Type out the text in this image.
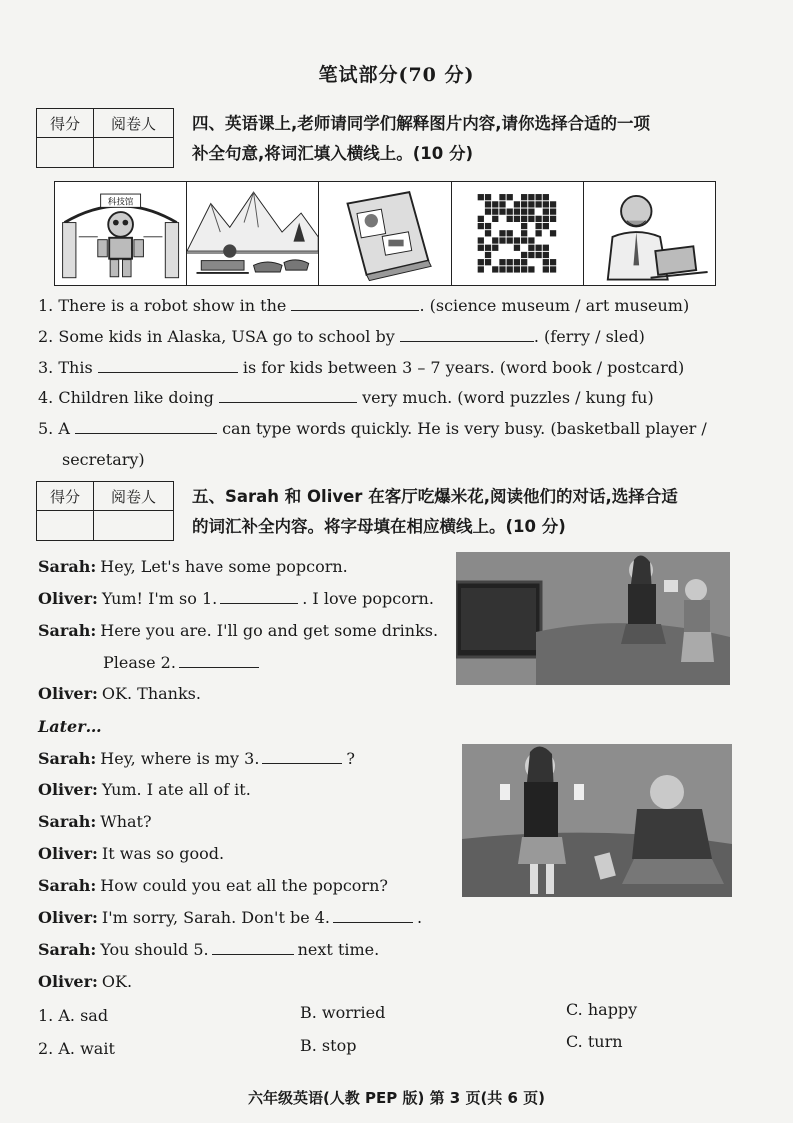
笔试部分(70 分)
得分	阅卷人
	四、英语课上,老师请同学们解释图片内容,请你选择合适的一项
补全句意,将词汇填入横线上。(10 分)
科技馆
1. There is a robot show in the	. (science museum / art museum)
2. Some kids in Alaska, USA go to school by	. (ferry / sled)
3. This	is for kids between 3 – 7 years. (word book / postcard)
4. Children like doing	very much. (word puzzles / kung fu)
5. A	can type words quickly. He is very busy. (basketball player /
secretary)
得分	阅卷人
	五、Sarah 和 Oliver 在客厅吃爆米花,阅读他们的对话,选择合适
的词汇补全内容。将字母填在相应横线上。(10 分)
Sarah: Hey, Let's have some popcorn.
Oliver: Yum! I'm so 1.	. I love popcorn.
Sarah: Here you are. I'll go and get some drinks.
Please 2.
Oliver: OK. Thanks.
Later…
Sarah: Hey, where is my 3.	?
Oliver: Yum. I ate all of it.
Sarah: What?
Oliver: It was so good.
Sarah: How could you eat all the popcorn?
Oliver: I'm sorry, Sarah. Don't be 4.	.
Sarah: You should 5.	next time.
Oliver: OK.
1. A. sad	B. worried	C. happy
2. A. wait	B. stop	C. turn
六年级英语(人教 PEP 版) 第 3 页(共 6 页)
